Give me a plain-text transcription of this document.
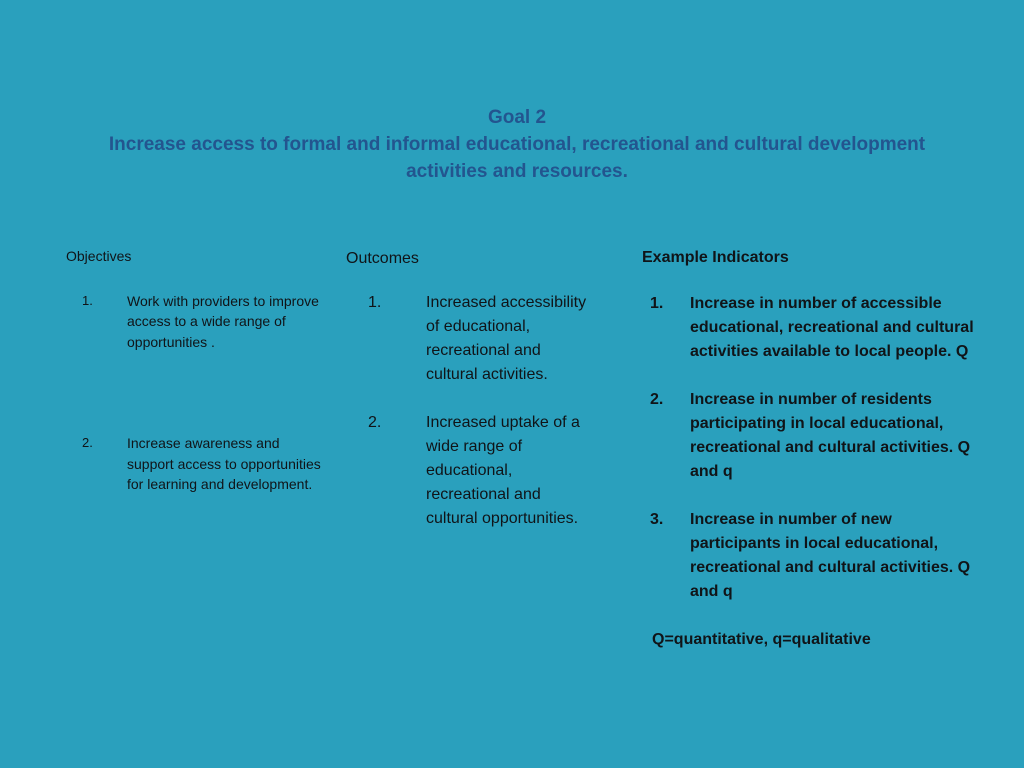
Goal 2
Increase access to formal and informal educational, recreational and cultural development
activities and resources.

Objectives

1. Work with providers to improve access to a wide range of opportunities .
2. Increase awareness and support access to opportunities for learning and development.

Outcomes

1.	Increased accessibility of educational, recreational and cultural activities.
2.	Increased uptake of a wide range of educational, recreational and cultural opportunities.

Example Indicators

1. Increase in number of accessible educational, recreational and cultural activities available to local people. Q
2. Increase in number of residents participating in local educational, recreational and cultural activities. Q and q
3. Increase in number of new participants in local educational, recreational and cultural activities. Q and q

Q=quantitative, q=qualitative
